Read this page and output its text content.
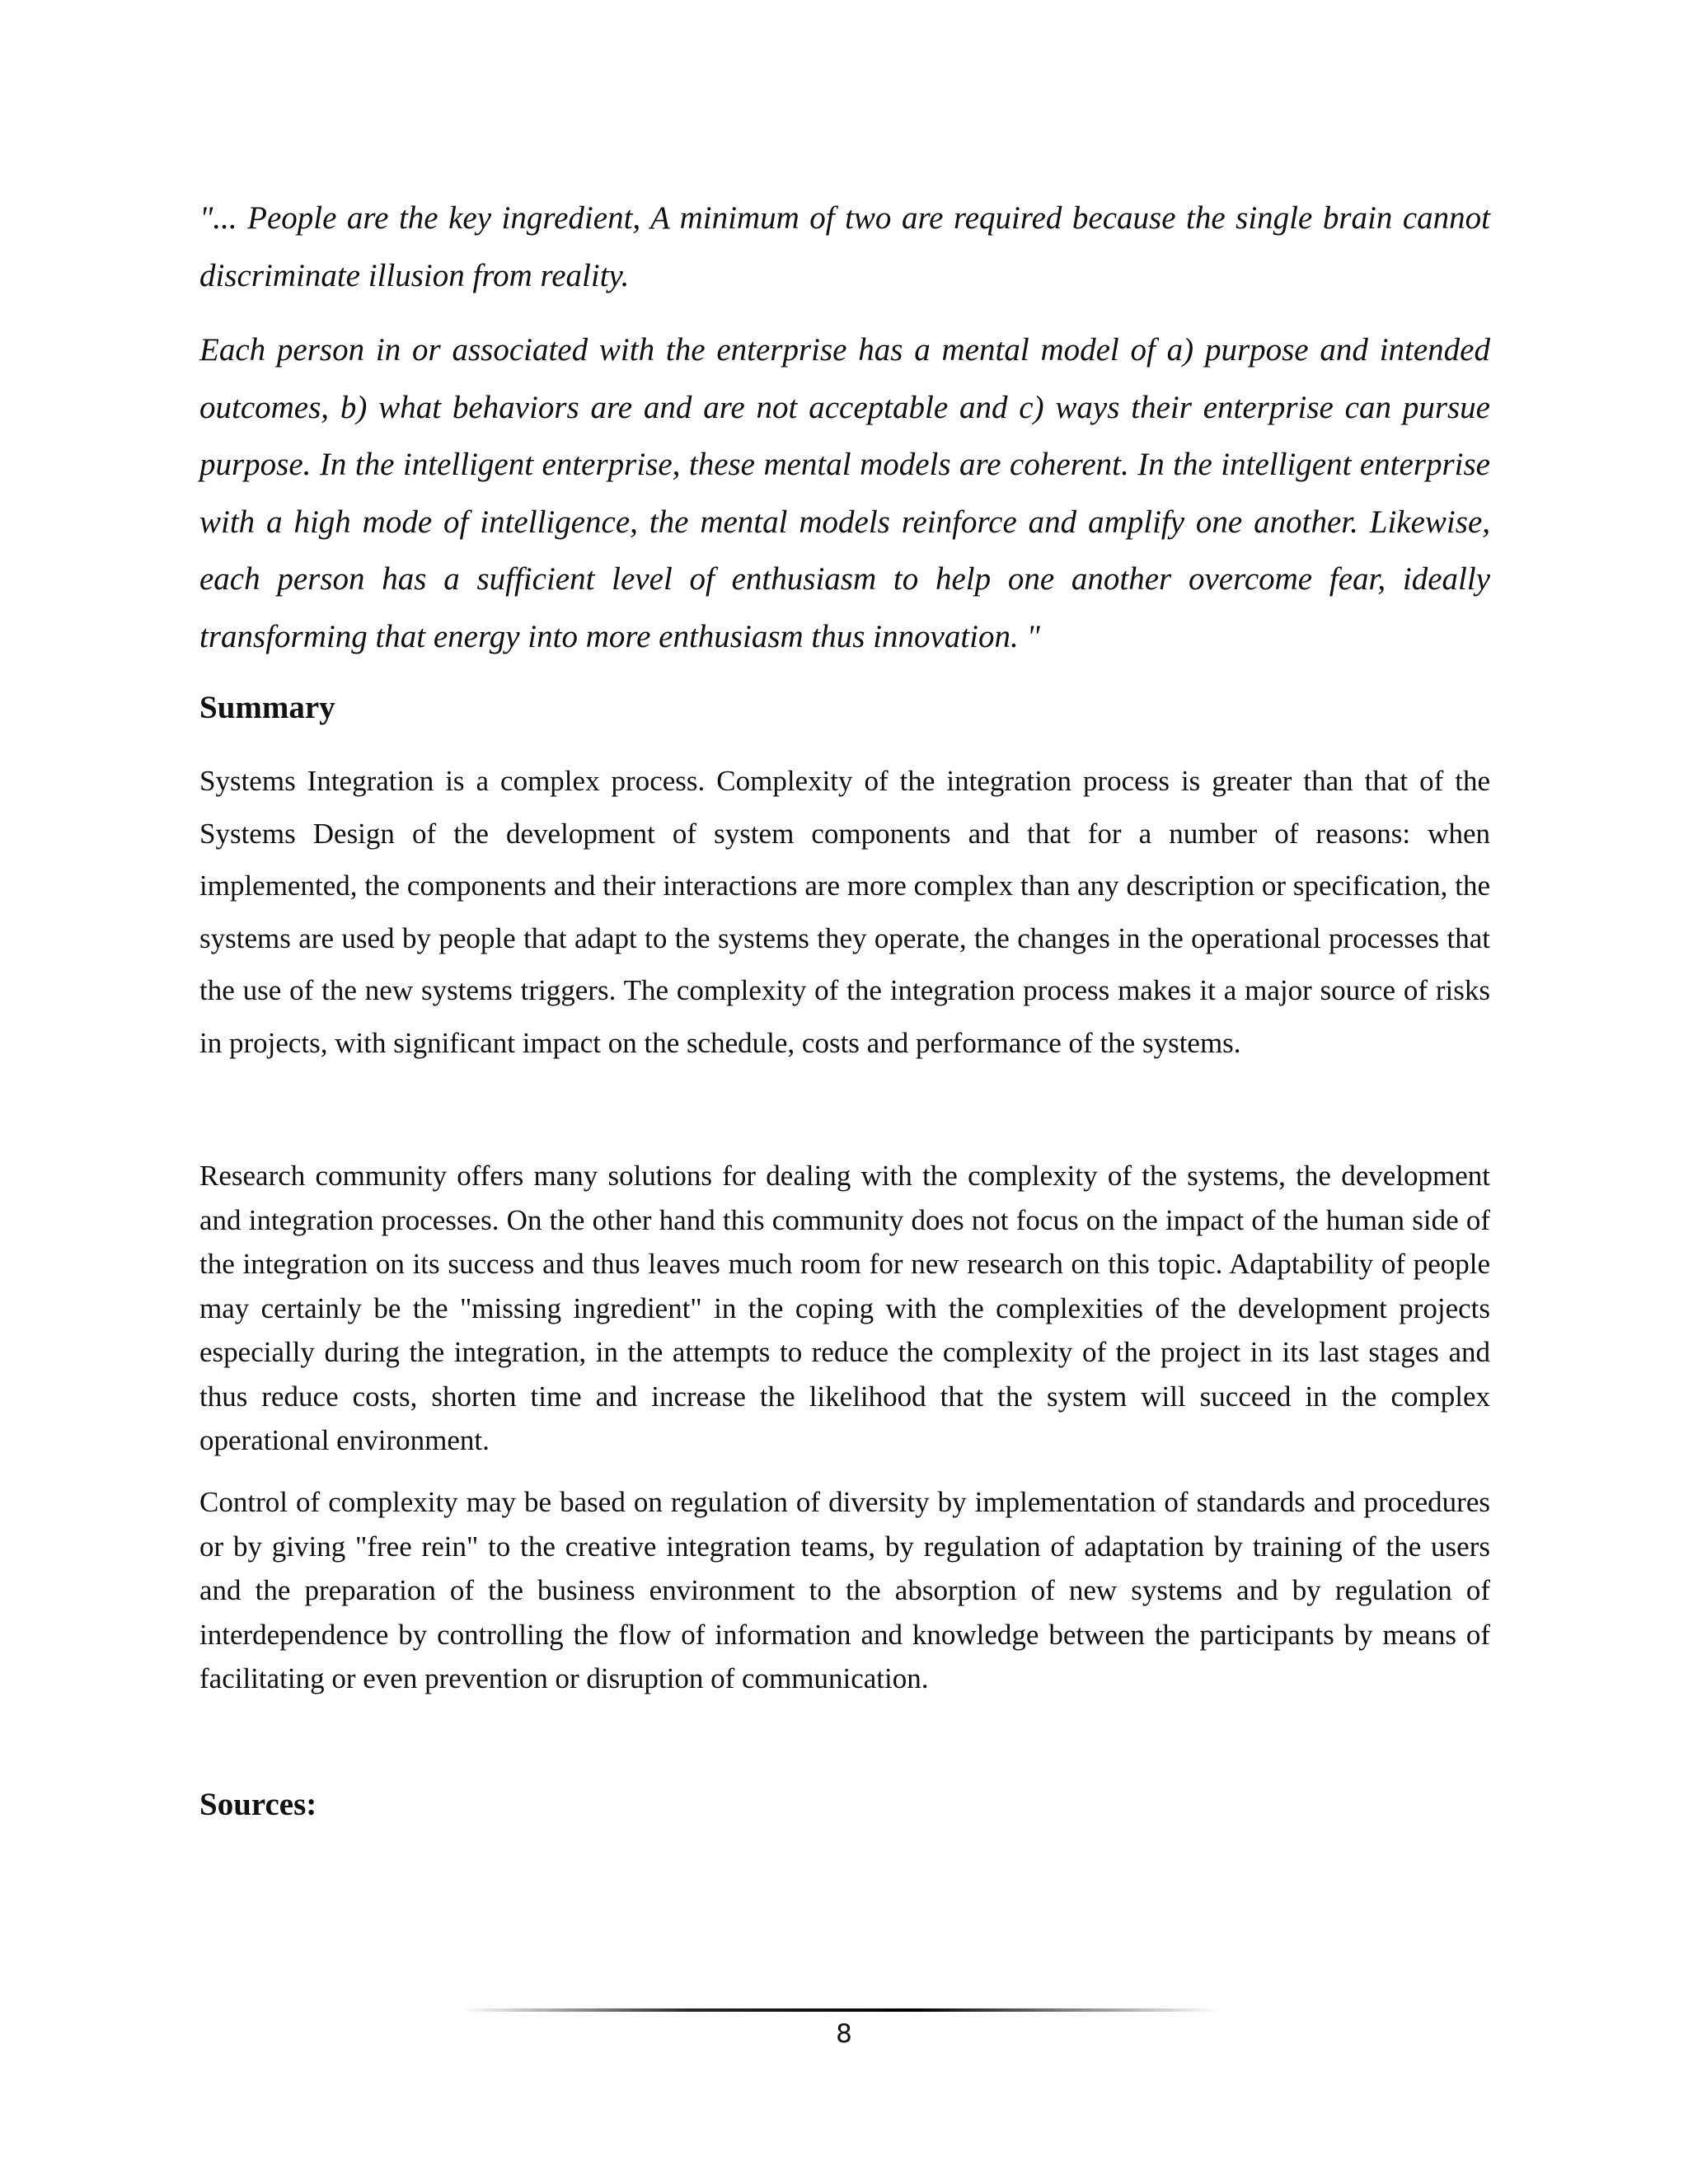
"... People are the key ingredient, A minimum of two are required because the single brain cannot discriminate illusion from reality.

Each person in or associated with the enterprise has a mental model of a) purpose and intended outcomes, b) what behaviors are and are not acceptable and c) ways their enterprise can pursue purpose. In the intelligent enterprise, these mental models are coherent. In the intelligent enterprise with a high mode of intelligence, the mental models reinforce and amplify one another. Likewise, each person has a sufficient level of enthusiasm to help one another overcome fear, ideally transforming that energy into more enthusiasm thus innovation. "

Summary

Systems Integration is a complex process. Complexity of the integration process is greater than that of the Systems Design of the development of system components and that for a number of reasons: when implemented, the components and their interactions are more complex than any description or specification, the systems are used by people that adapt to the systems they operate, the changes in the operational processes that the use of the new systems triggers. The complexity of the integration process makes it a major source of risks in projects, with significant impact on the schedule, costs and performance of the systems.

Research community offers many solutions for dealing with the complexity of the systems, the development and integration processes. On the other hand this community does not focus on the impact of the human side of the integration on its success and thus leaves much room for new research on this topic. Adaptability of people may certainly be the "missing ingredient" in the coping with the complexities of the development projects especially during the integration, in the attempts to reduce the complexity of the project in its last stages and thus reduce costs, shorten time and increase the likelihood that the system will succeed in the complex operational environment.

Control of complexity may be based on regulation of diversity by implementation of standards and procedures or by giving "free rein" to the creative integration teams, by regulation of adaptation by training of the users and the preparation of the business environment to the absorption of new systems and by regulation of interdependence by controlling the flow of information and knowledge between the participants by means of facilitating or even prevention or disruption of communication.

Sources:
8
